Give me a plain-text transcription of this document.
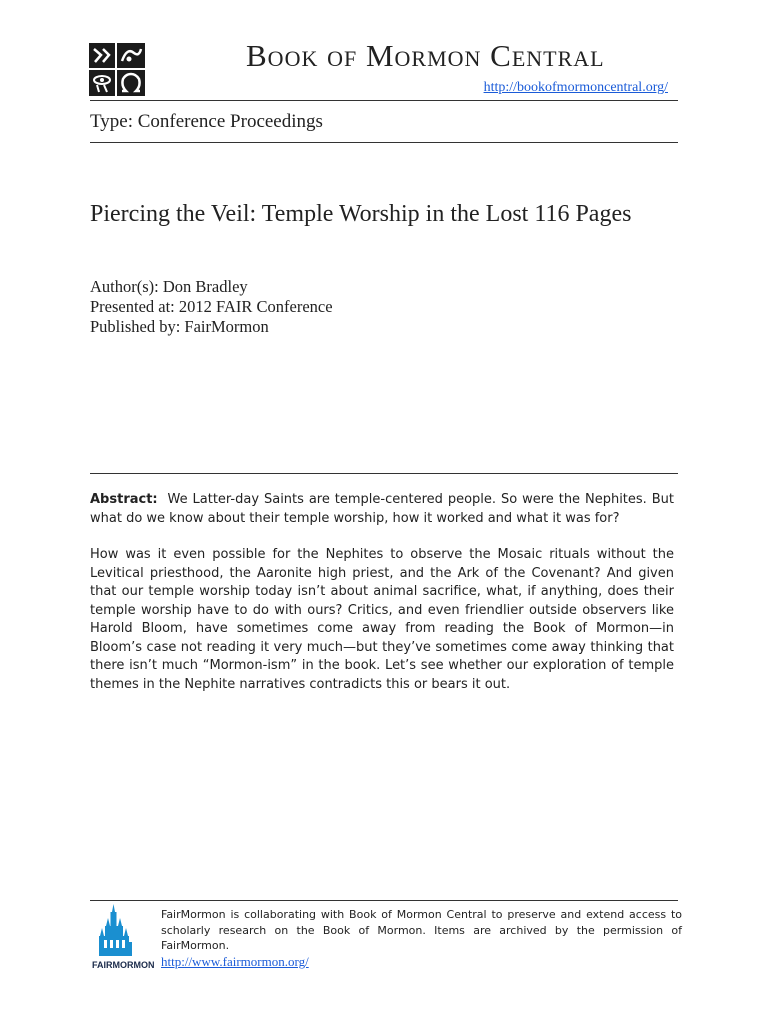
Book of Mormon Central
http://bookofmormoncentral.org/
Type: Conference Proceedings
Piercing the Veil: Temple Worship in the Lost 116 Pages
Author(s): Don Bradley
Presented at: 2012 FAIR Conference
Published by: FairMormon

Abstract: We Latter-day Saints are temple-centered people. So were the Nephites. But what do we know about their temple worship, how it worked and what it was for?

How was it even possible for the Nephites to observe the Mosaic rituals without the Levitical priesthood, the Aaronite high priest, and the Ark of the Covenant? And given that our temple worship today isn’t about animal sacrifice, what, if anything, does their temple worship have to do with ours? Critics, and even friendlier outside observers like Harold Bloom, have sometimes come away from reading the Book of Mormon—in Bloom’s case not reading it very much—but they’ve sometimes come away thinking that there isn’t much “Mormon-ism” in the book. Let’s see whether our exploration of temple themes in the Nephite narratives contradicts this or bears it out.

FAIRMORMON
FairMormon is collaborating with Book of Mormon Central to preserve and extend access to scholarly research on the Book of Mormon. Items are archived by the permission of FairMormon.
http://www.fairmormon.org/
